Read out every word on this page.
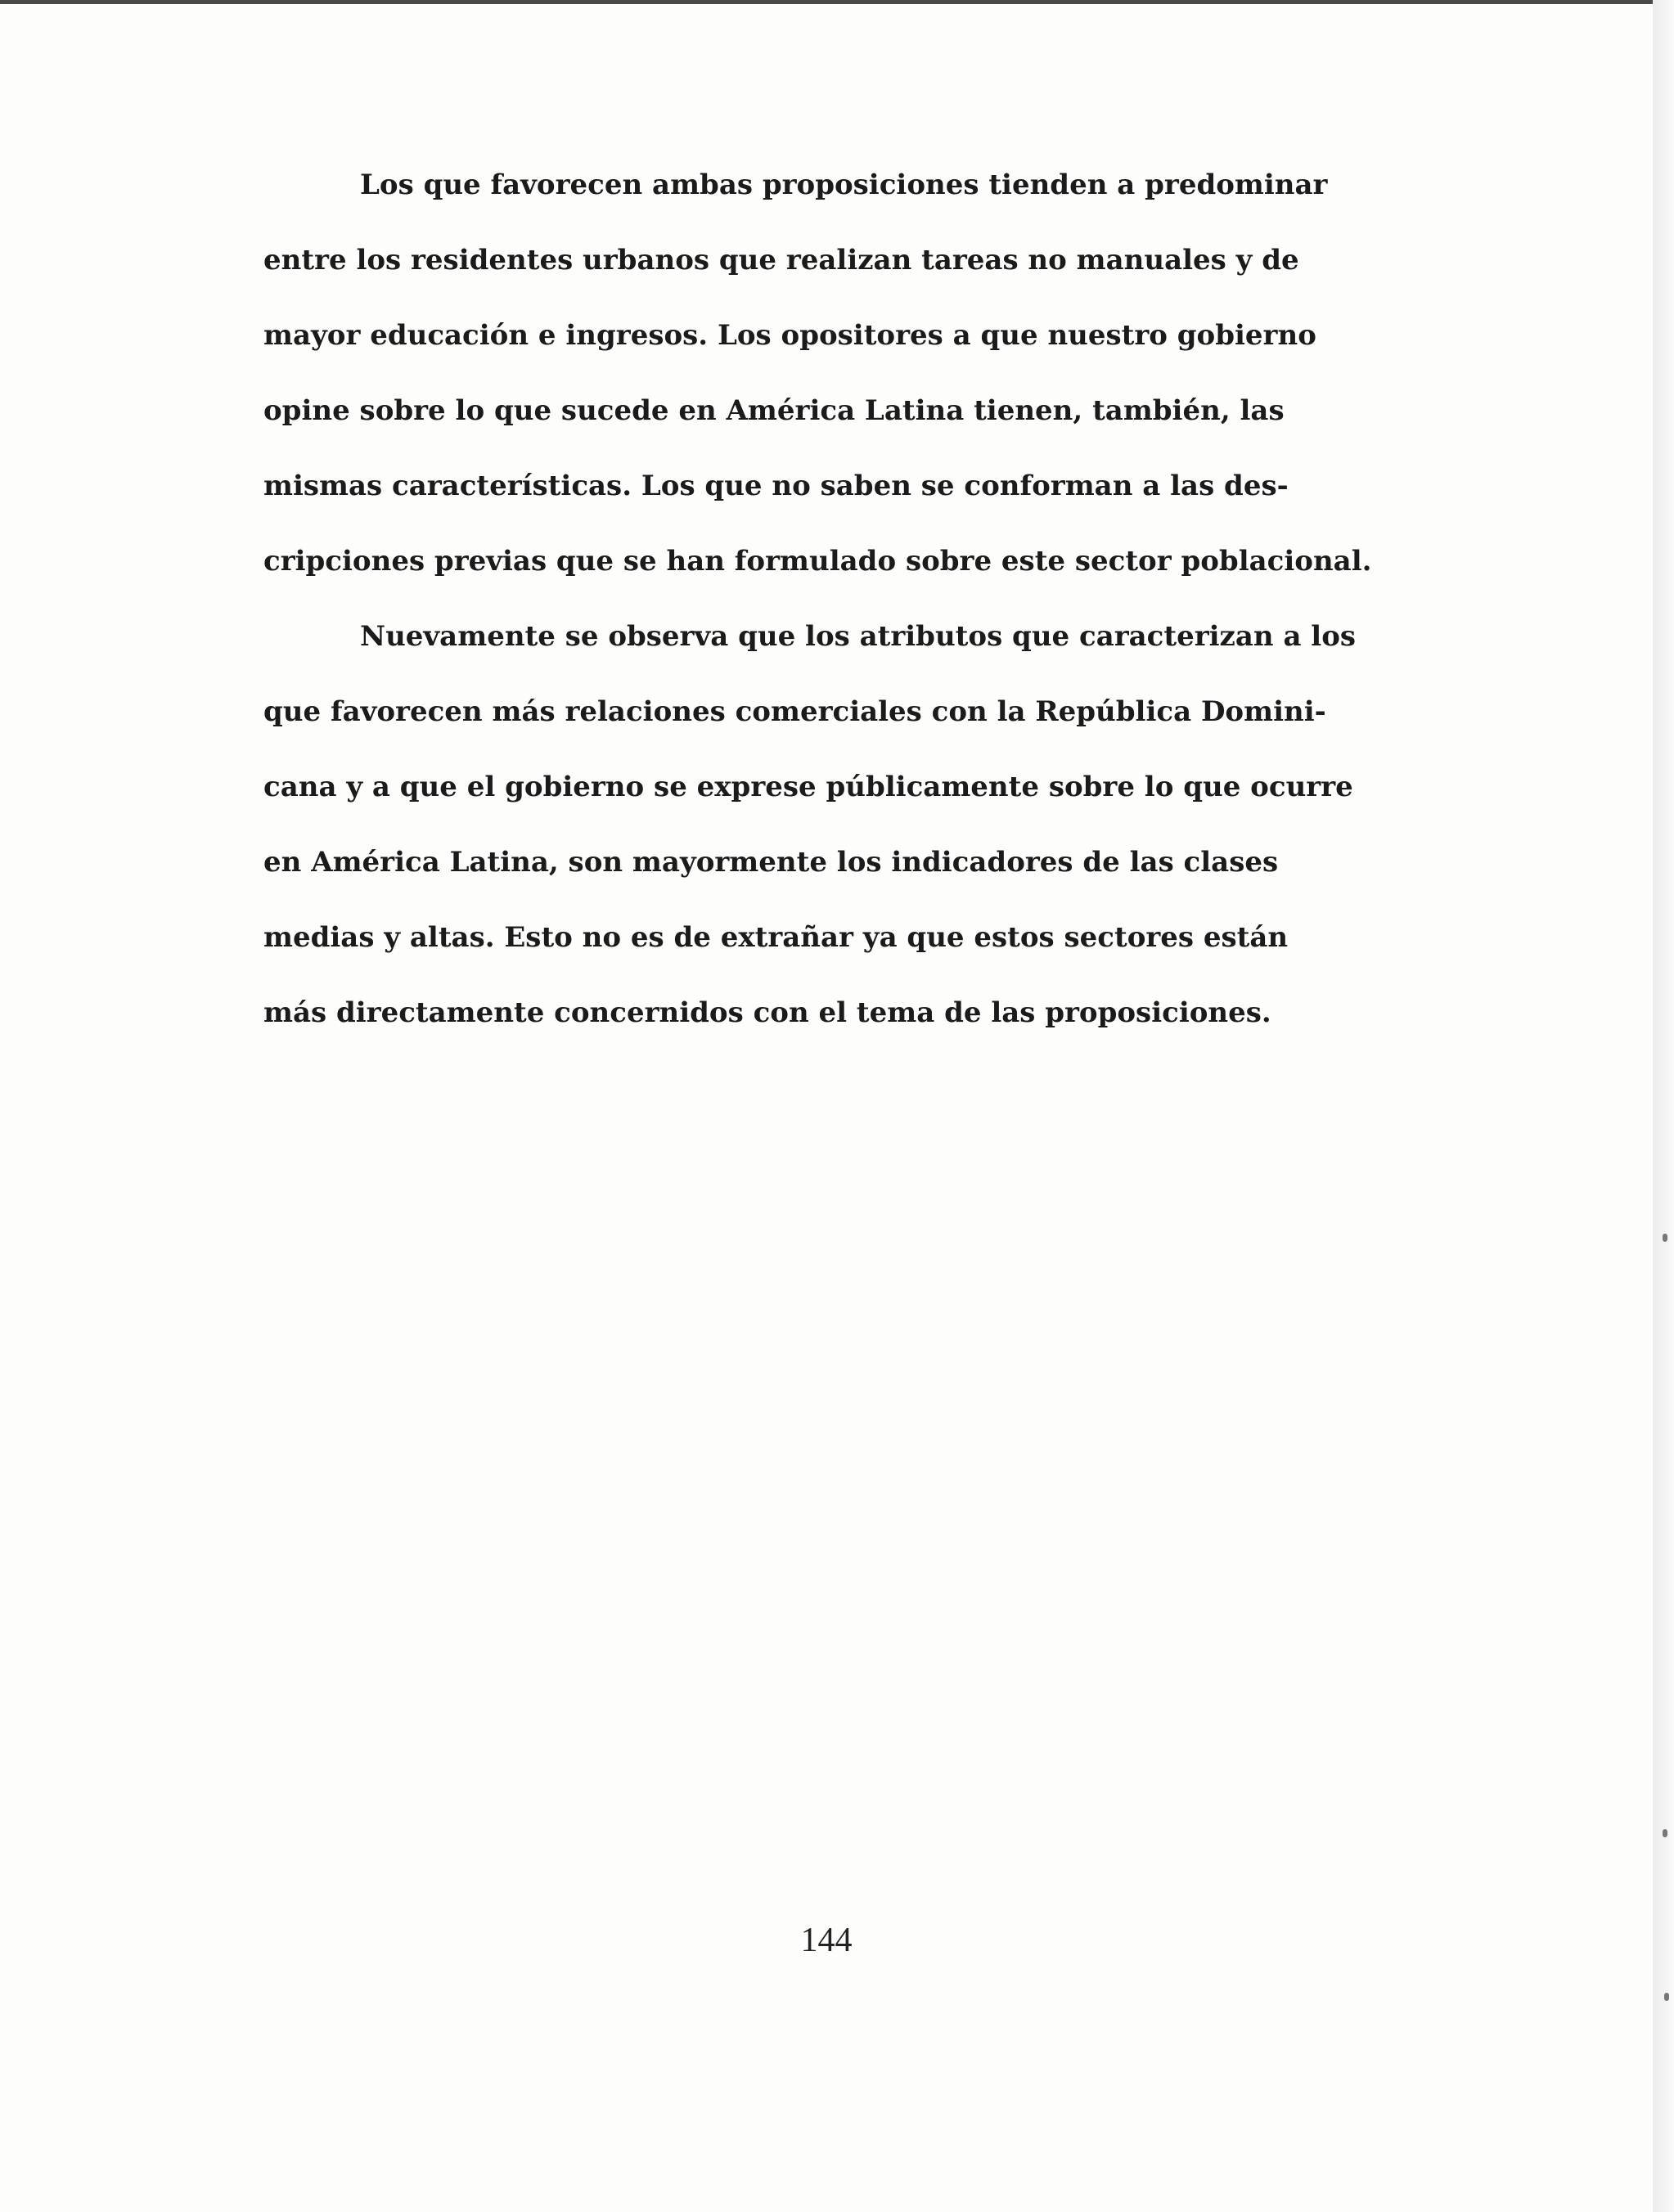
Los que favorecen ambas proposiciones tienden a predominar
entre los residentes urbanos que realizan tareas no manuales y de
mayor educación e ingresos. Los opositores a que nuestro gobierno
opine sobre lo que sucede en América Latina tienen, también, las
mismas características. Los que no saben se conforman a las des-
cripciones previas que se han formulado sobre este sector poblacional.
Nuevamente se observa que los atributos que caracterizan a los
que favorecen más relaciones comerciales con la República Domini-
cana y a que el gobierno se exprese públicamente sobre lo que ocurre
en América Latina, son mayormente los indicadores de las clases
medias y altas. Esto no es de extrañar ya que estos sectores están
más directamente concernidos con el tema de las proposiciones.
144
